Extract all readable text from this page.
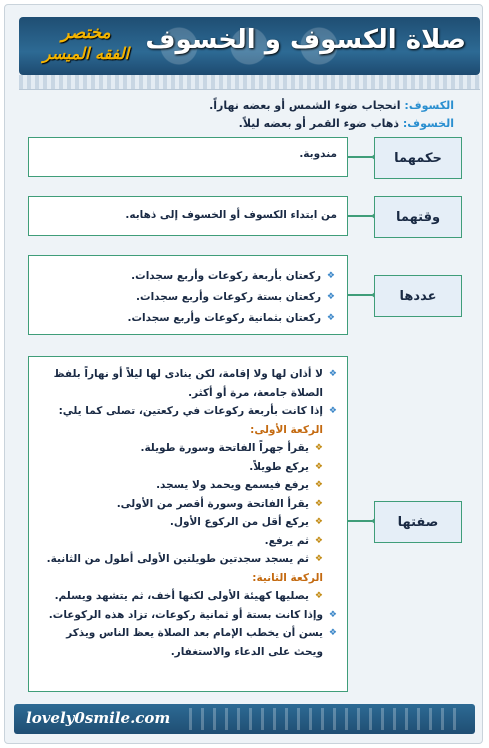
مختصر
الفقه الميسر صلاة الكسوف و الخسوف
الكسوف: انحجاب ضوء الشمس أو بعضه نهاراً.
الخسوف: ذهاب ضوء القمر أو بعضه ليلاً.
مندوبة.	حكمهما
من ابتداء الكسوف أو الخسوف إلى ذهابه.	وقتهما
❖ ركعتان بأربعة ركوعات وأربع سجدات.
❖ ركعتان بستة ركوعات وأربع سجدات.
❖ ركعتان بثمانية ركوعات وأربع سجدات.
عددها
❖ لا أذان لها ولا إقامة، لكن ينادى لها ليلاً أو نهاراً بلفظ الصلاة جامعة، مرة أو أكثر.
❖ إذا كانت بأربعة ركوعات في ركعتين، تصلى كما يلي:
الركعة الأولى:
❖ يقرأ جهراً الفاتحة وسورة طويلة.
❖ يركع طويلاً.
❖ يرفع فيسمع ويحمد ولا يسجد.
❖ يقرأ الفاتحة وسورة أقصر من الأولى.
❖ يركع أقل من الركوع الأول.
❖ ثم يرفع.
❖ ثم يسجد سجدتين طويلتين الأولى أطول من الثانية.
الركعة الثانية:
❖ يصليها كهيئة الأولى لكنها أخف، ثم يتشهد ويسلم.
❖ وإذا كانت بستة أو ثمانية ركوعات، تزاد هذه الركوعات.
❖ يسن أن يخطب الإمام بعد الصلاة يعظ الناس ويذكر ويحث على الدعاء والاستغفار.
صفتها
lovely0smile.com
